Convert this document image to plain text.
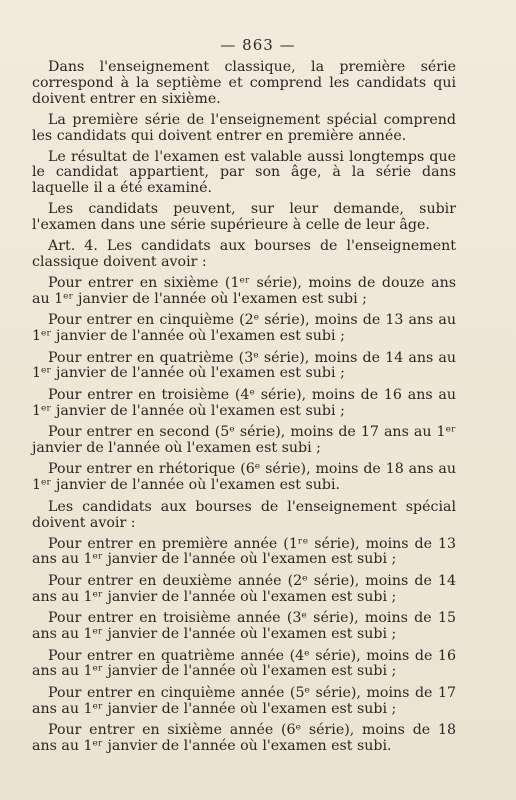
— 863 —

Dans l'enseignement classique, la première série correspond à la septième et comprend les candidats qui doivent entrer en sixième.

La première série de l'enseignement spécial comprend les candidats qui doivent entrer en première année.

Le résultat de l'examen est valable aussi longtemps que le candidat appartient, par son âge, à la série dans laquelle il a été examiné.

Les candidats peuvent, sur leur demande, subir l'examen dans une série supérieure à celle de leur âge.

Art. 4. Les candidats aux bourses de l'enseignement classique doivent avoir :

Pour entrer en sixième (1ᵉʳ série), moins de douze ans au 1ᵉʳ janvier de l'année où l'examen est subi ;

Pour entrer en cinquième (2ᵉ série), moins de 13 ans au 1ᵉʳ janvier de l'année où l'examen est subi ;

Pour entrer en quatrième (3ᵉ série), moins de 14 ans au 1ᵉʳ janvier de l'année où l'examen est subi ;

Pour entrer en troisième (4ᵉ série), moins de 16 ans au 1ᵉʳ janvier de l'année où l'examen est subi ;

Pour entrer en second (5ᵉ série), moins de 17 ans au 1ᵉʳ janvier de l'année où l'examen est subi ;

Pour entrer en rhétorique (6ᵉ série), moins de 18 ans au 1ᵉʳ janvier de l'année où l'examen est subi.

Les candidats aux bourses de l'enseignement spécial doivent avoir :

Pour entrer en première année (1ʳᵉ série), moins de 13 ans au 1ᵉʳ janvier de l'année où l'examen est subi ;

Pour entrer en deuxième année (2ᵉ série), moins de 14 ans au 1ᵉʳ janvier de l'année où l'examen est subi ;

Pour entrer en troisième année (3ᵉ série), moins de 15 ans au 1ᵉʳ janvier de l'année où l'examen est subi ;

Pour entrer en quatrième année (4ᵉ série), moins de 16 ans au 1ᵉʳ janvier de l'année où l'examen est subi ;

Pour entrer en cinquième année (5ᵉ série), moins de 17 ans au 1ᵉʳ janvier de l'année où l'examen est subi ;

Pour entrer en sixième année (6ᵉ série), moins de 18 ans au 1ᵉʳ janvier de l'année où l'examen est subi.
